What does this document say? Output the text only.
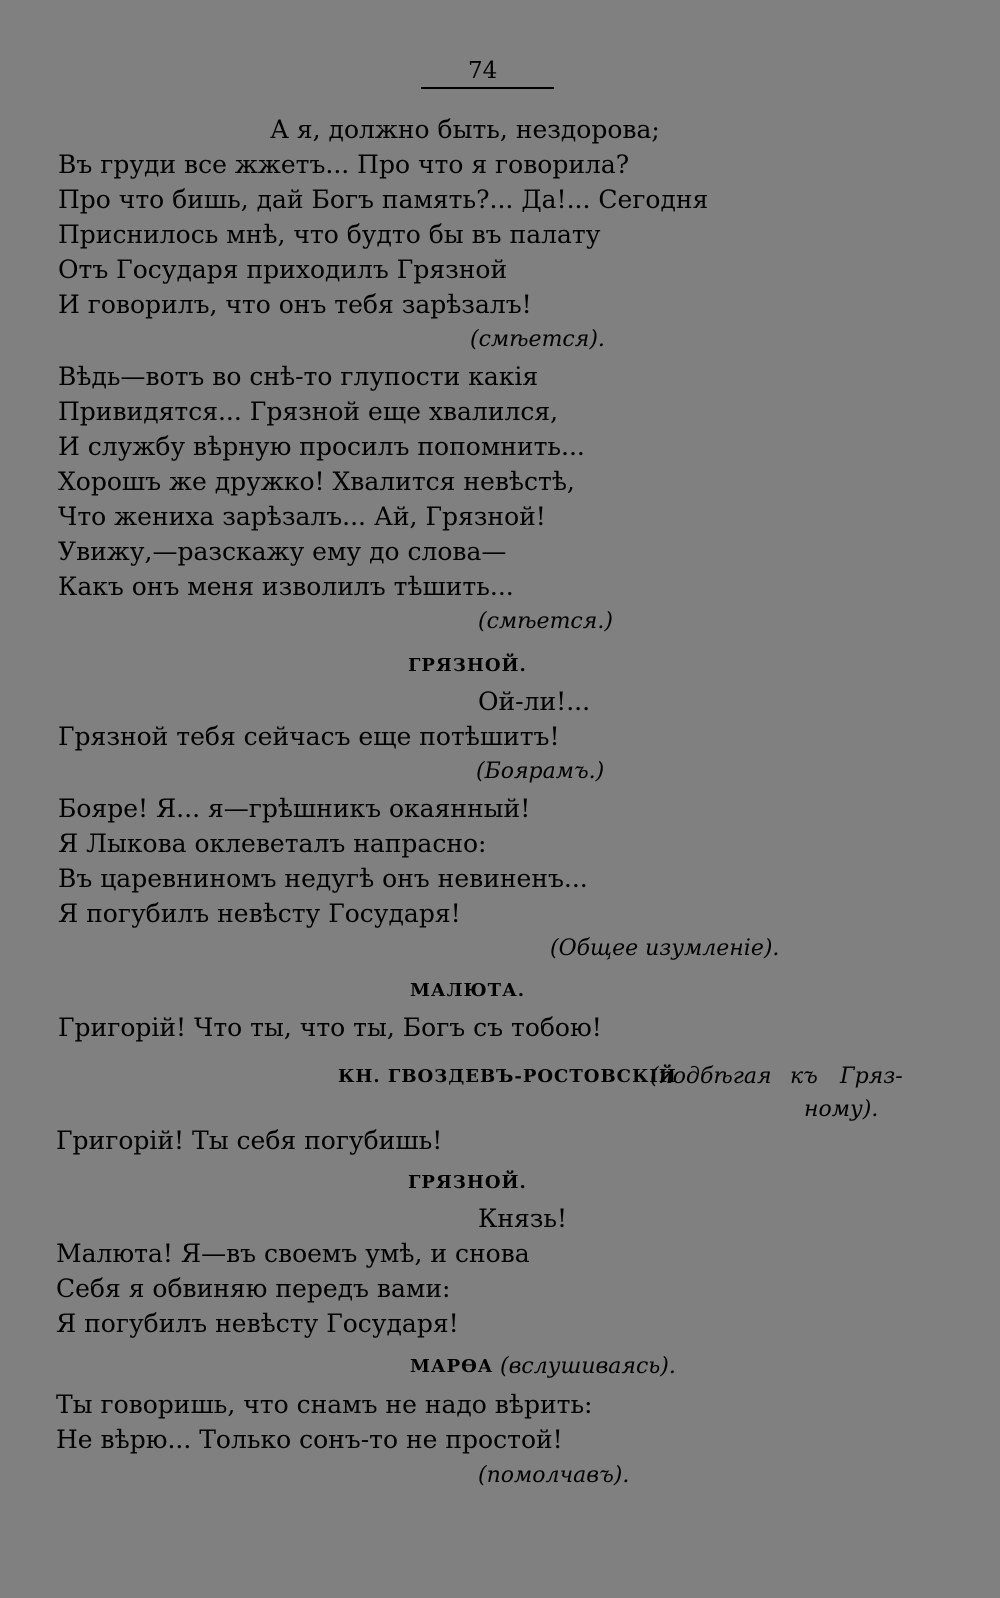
74
А я, должно быть, нездорова;
Въ груди все жжетъ... Про что я говорила?
Про что бишь, дай Богъ память?... Да!... Сегодня
Приснилось мнѣ, что будто бы въ палату
Отъ Государя приходилъ Грязной
И говорилъ, что онъ тебя зарѣзалъ!
(смѣется).
Вѣдь—вотъ во снѣ-то глупости какія
Привидятся... Грязной еще хвалился,
И службу вѣрную просилъ попомнить...
Хорошъ же дружко! Хвалится невѣстѣ,
Что жениха зарѣзалъ... Ай, Грязной!
Увижу,—разскажу ему до слова—
Какъ онъ меня изволилъ тѣшить...
(смѣется.)
ГРЯЗНОЙ.
Ой-ли!...
Грязной тебя сейчасъ еще потѣшитъ!
(Боярамъ.)
Бояре! Я... я—грѣшникъ окаянный!
Я Лыкова оклеветалъ напрасно:
Въ царевниномъ недугѣ онъ невиненъ...
Я погубилъ невѣсту Государя!
(Общее изумленіе).
МАЛЮТА.
Григорій! Что ты, что ты, Богъ съ тобою!
КН. ГВОЗДЕВЪ-РОСТОВСКІЙ
(подбѣгая къ Гряз-
ному).
Григорій! Ты себя погубишь!
ГРЯЗНОЙ.
Князь!
Малюта! Я—въ своемъ умѣ, и снова
Себя я обвиняю передъ вами:
Я погубилъ невѣсту Государя!
МАРѲА (вслушиваясь).
Ты говоришь, что снамъ не надо вѣрить:
Не вѣрю... Только сонъ-то не простой!
(помолчавъ).
